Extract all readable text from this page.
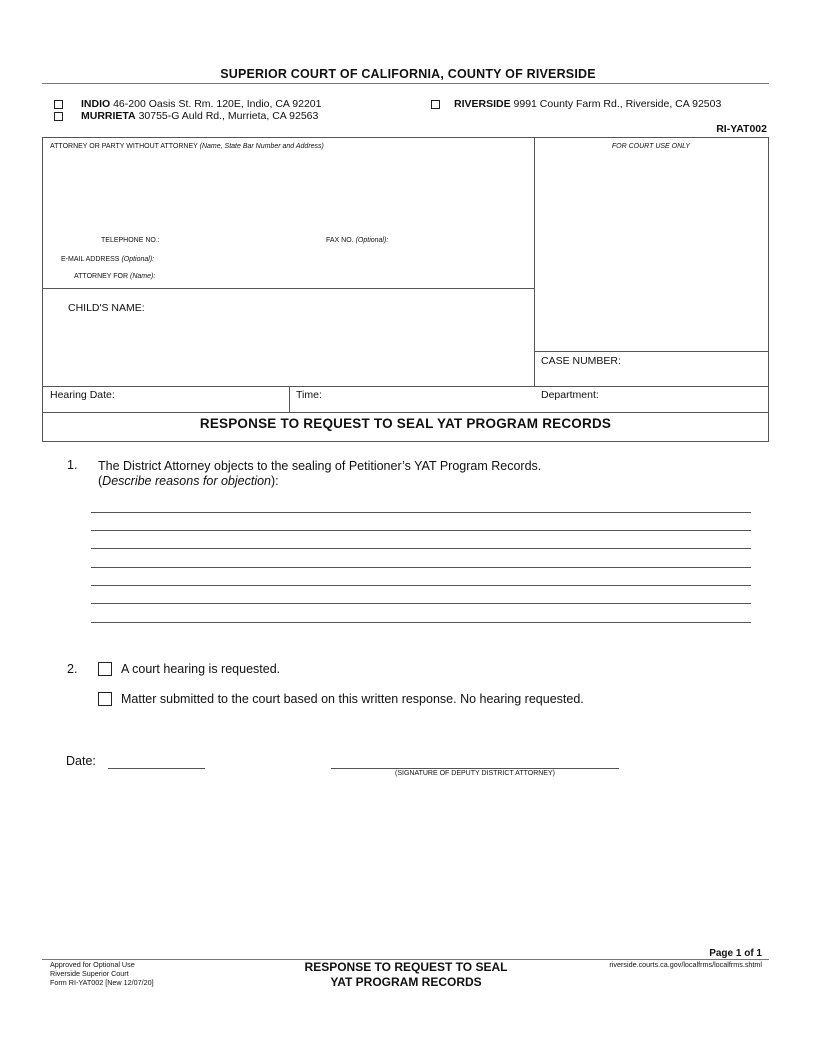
SUPERIOR COURT OF CALIFORNIA, COUNTY OF RIVERSIDE
INDIO 46-200 Oasis St. Rm. 120E, Indio, CA 92201
MURRIETA 30755-G Auld Rd., Murrieta, CA 92563
RIVERSIDE 9991 County Farm Rd., Riverside, CA 92503
RI-YAT002
ATTORNEY OR PARTY WITHOUT ATTORNEY (Name, State Bar Number and Address)	FOR COURT USE ONLY
TELEPHONE NO.:	FAX NO. (Optional):
E-MAIL ADDRESS (Optional):
ATTORNEY FOR (Name):
CHILD'S NAME:
CASE NUMBER:
Hearing Date:	Time:	Department:
RESPONSE TO REQUEST TO SEAL YAT PROGRAM RECORDS
1. The District Attorney objects to the sealing of Petitioner’s YAT Program Records.
(Describe reasons for objection):
2.	A court hearing is requested.
Matter submitted to the court based on this written response. No hearing requested.
Date:
(SIGNATURE OF DEPUTY DISTRICT ATTORNEY)
Page 1 of 1
Approved for Optional Use
Riverside Superior Court
Form RI-YAT002 [New 12/07/20]
RESPONSE TO REQUEST TO SEAL
YAT PROGRAM RECORDS
riverside.courts.ca.gov/localfrms/localfrms.shtml
